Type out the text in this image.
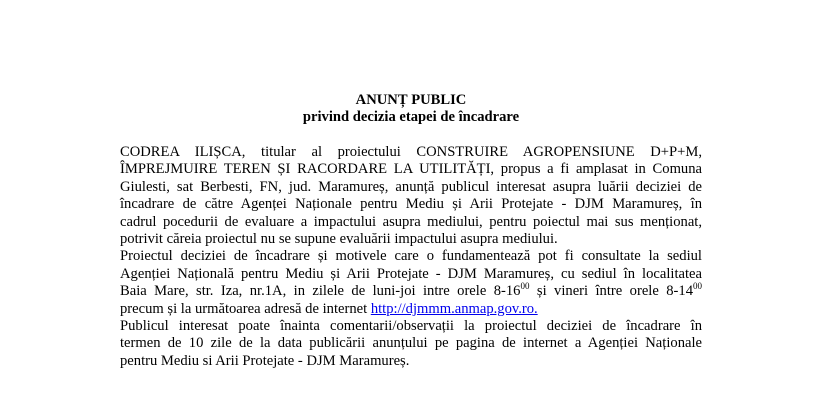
ANUNȚ PUBLIC
privind decizia etapei de încadrare
CODREA ILIȘCA, titular al proiectului CONSTRUIRE AGROPENSIUNE D+P+M,
ÎMPREJMUIRE TEREN ȘI RACORDARE LA UTILITĂȚI, propus a fi amplasat in Comuna
Giulesti, sat Berbesti, FN, jud. Maramureș, anunță publicul interesat asupra luării deciziei de
încadrare de către Agenței Naționale pentru Mediu și Arii Protejate - DJM Maramureș, în
cadrul pocedurii de evaluare a impactului asupra mediului, pentru poiectul mai sus menționat,
potrivit căreia proiectul nu se supune evaluării impactului asupra mediului.
Proiectul deciziei de încadrare și motivele care o fundamentează pot fi consultate la sediul
Agenției Națională pentru Mediu și Arii Protejate - DJM Maramureș, cu sediul în localitatea
Baia Mare, str. Iza, nr.1A, in zilele de luni-joi intre orele $8-16^{00}$ și vineri între orele $8-14^{00}$
precum și la următoarea adresă de internet http://djmmm.anmap.gov.ro.
Publicul interesat poate înainta comentarii/observații la proiectul deciziei de încadrare în
termen de 10 zile de la data publicării anunțului pe pagina de internet a Agenției Naționale
pentru Mediu si Arii Protejate - DJM Maramureș.
